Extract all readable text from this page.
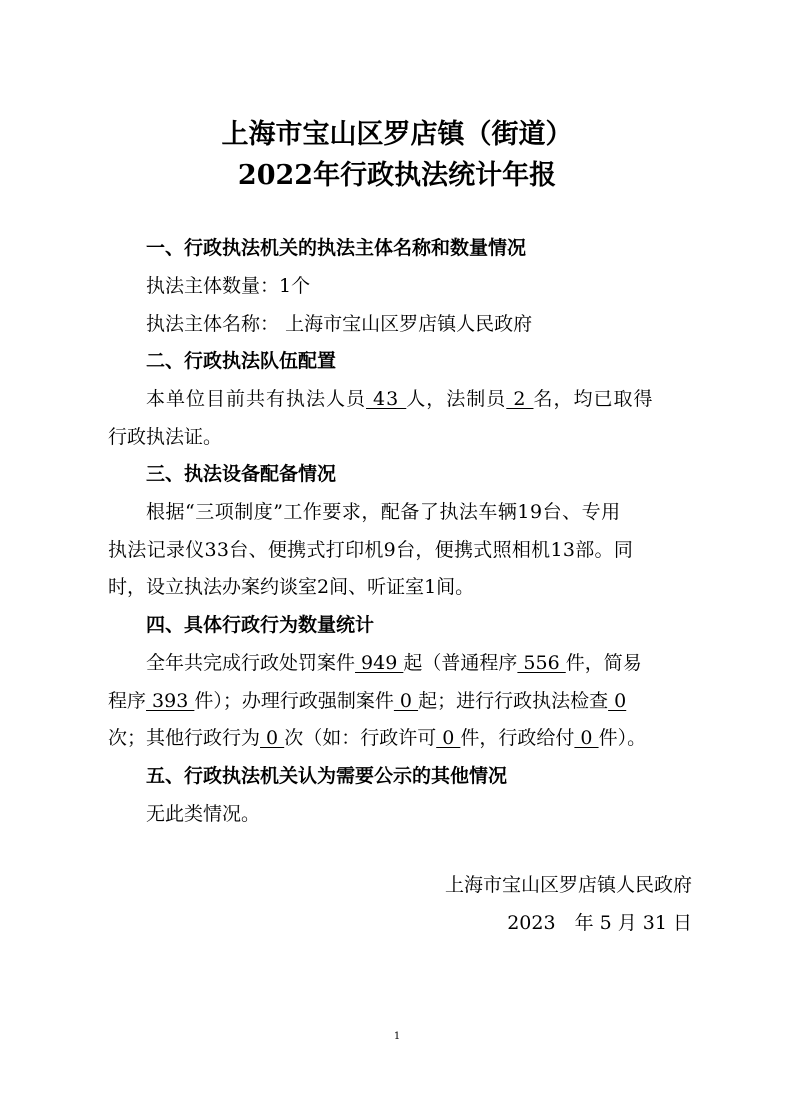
上海市宝山区罗店镇（街道）
2022年行政执法统计年报
一、行政执法机关的执法主体名称和数量情况
执法主体数量：1个
执法主体名称： 上海市宝山区罗店镇人民政府
二、行政执法队伍配置
本单位目前共有执法人员 43 人，法制员 2 名，均已取得
行政执法证。
三、执法设备配备情况
根据“三项制度”工作要求，配备了执法车辆19台、专用
执法记录仪33台、便携式打印机9台，便携式照相机13部。同
时，设立执法办案约谈室2间、听证室1间。
四、具体行政行为数量统计
全年共完成行政处罚案件 949 起（普通程序 556 件，简易
程序 393 件）；办理行政强制案件 0 起；进行行政执法检查 0
次；其他行政行为 0 次（如：行政许可 0 件，行政给付 0 件）。
五、行政执法机关认为需要公示的其他情况
无此类情况。
上海市宝山区罗店镇人民政府
2023　年 5 月 31 日
1
